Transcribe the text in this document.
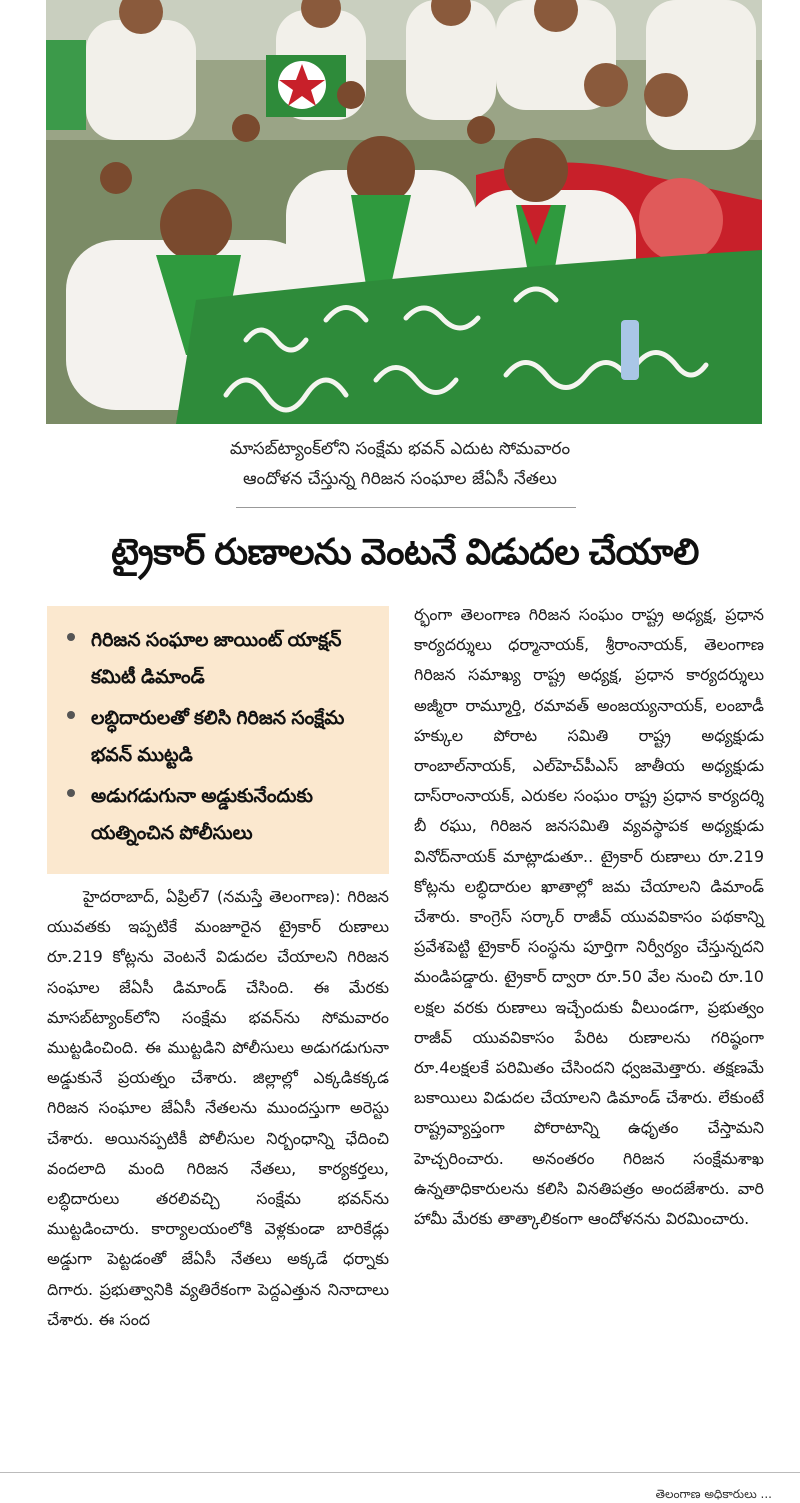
మాసబ్‌ట్యాంక్‌లోని సంక్షేమ భవన్ ఎదుట సోమవారం
ఆందోళన చేస్తున్న గిరిజన సంఘాల జేఏసీ నేతలు
ట్రైకార్ రుణాలను వెంటనే విడుదల చేయాలి
గిరిజన సంఘాల జాయింట్ యాక్షన్ కమిటీ డిమాండ్
లబ్ధిదారులతో కలిసి గిరిజన సంక్షేమ భవన్ ముట్టడి
అడుగడుగునా అడ్డుకునేందుకు యత్నించిన పోలీసులు

హైదరాబాద్, ఏప్రిల్7 (నమస్తే తెలంగాణ): గిరిజన యువతకు ఇప్పటికే మంజూరైన ట్రైకార్ రుణాలు రూ.219 కోట్లను వెంటనే విడుదల చేయాలని గిరిజన సంఘాల జేఏసీ డిమాండ్ చేసింది. ఈ మేరకు మాసబ్‌ట్యాంక్‌లోని సంక్షేమ భవన్‌ను సోమవారం ముట్టడించింది. ఈ ముట్టడిని పోలీసులు అడుగడుగునా అడ్డుకునే ప్రయత్నం చేశారు. జిల్లాల్లో ఎక్కడికక్కడ గిరిజన సంఘాల జేఏసీ నేతలను ముందస్తుగా అరెస్టు చేశారు. అయినప్పటికీ పోలీసుల నిర్బంధాన్ని ఛేదించి వందలాది మంది గిరిజన నేతలు, కార్యకర్తలు, లబ్ధిదారులు తరలివచ్చి సంక్షేమ భవన్‌ను ముట్టడించారు. కార్యాలయంలోకి వెళ్లకుండా బారికేడ్లు అడ్డుగా పెట్టడంతో జేఏసీ నేతలు అక్కడే ధర్నాకు దిగారు. ప్రభుత్వానికి వ్యతిరేకంగా పెద్దఎత్తున నినాదాలు చేశారు. ఈ సంద

ర్భంగా తెలంగాణ గిరిజన సంఘం రాష్ట్ర అధ్యక్ష, ప్రధాన కార్యదర్శులు ధర్మానాయక్, శ్రీరాంనాయక్, తెలంగాణ గిరిజన సమాఖ్య రాష్ట్ర అధ్యక్ష, ప్రధాన కార్యదర్శులు అజ్మీరా రామ్మూర్తి, రమావత్ అంజయ్యనాయక్, లంబాడీ హక్కుల పోరాట సమితి రాష్ట్ర అధ్యక్షుడు రాంబాల్‌నాయక్, ఎల్‌హెచ్‌పీఎస్ జాతీయ అధ్యక్షుడు దాస్‌రాంనాయక్, ఎరుకల సంఘం రాష్ట్ర ప్రధాన కార్యదర్శి బీ రఘు, గిరిజన జనసమితి వ్యవస్థాపక అధ్యక్షుడు వినోద్‌నాయక్ మాట్లాడుతూ.. ట్రైకార్ రుణాలు రూ.219 కోట్లను లబ్ధిదారుల ఖాతాల్లో జమ చేయాలని డిమాండ్ చేశారు. కాంగ్రెస్ సర్కార్ రాజీవ్ యువవికాసం పథకాన్ని ప్రవేశపెట్టి ట్రైకార్ సంస్థను పూర్తిగా నిర్వీర్యం చేస్తున్నదని మండిపడ్డారు. ట్రైకార్ ద్వారా రూ.50 వేల నుంచి రూ.10 లక్షల వరకు రుణాలు ఇచ్చేందుకు వీలుండగా, ప్రభుత్వం రాజీవ్ యువవికాసం పేరిట రుణాలను గరిష్ఠంగా రూ.4లక్షలకే పరిమితం చేసిందని ధ్వజమెత్తారు. తక్షణమే బకాయిలు విడుదల చేయాలని డిమాండ్ చేశారు. లేకుంటే రాష్ట్రవ్యాప్తంగా పోరాటాన్ని ఉధృతం చేస్తామని హెచ్చరించారు. అనంతరం గిరిజన సంక్షేమశాఖ ఉన్నతాధికారులను కలిసి వినతిపత్రం అందజేశారు. వారి హామీ మేరకు తాత్కాలికంగా ఆందోళనను విరమించారు.

తెలంగాణ అధికారులు ...
